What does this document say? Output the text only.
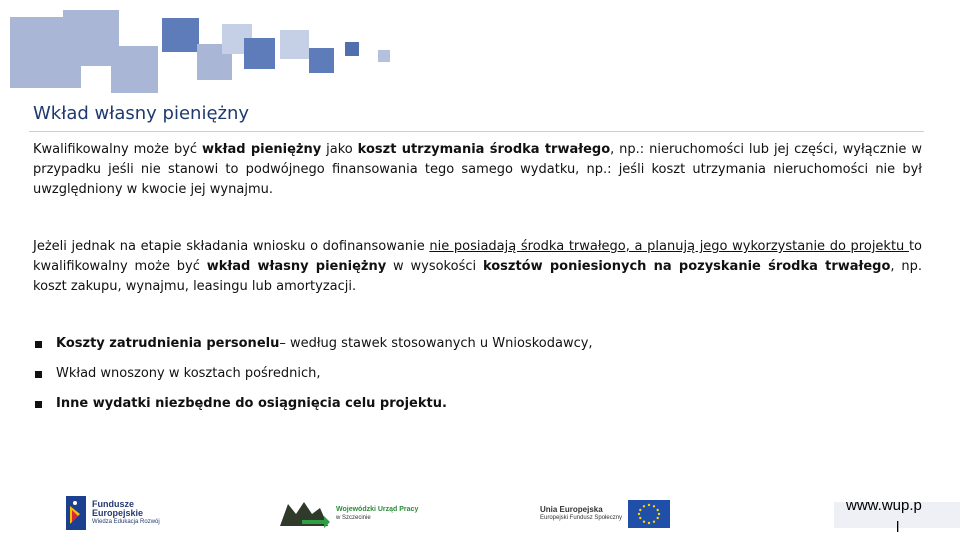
Wkład własny pieniężny
Kwalifikowalny może być wkład pieniężny jako koszt utrzymania środka trwałego, np.: nieruchomości lub jej części, wyłącznie w przypadku jeśli nie stanowi to podwójnego finansowania tego samego wydatku, np.: jeśli koszt utrzymania nieruchomości nie był uwzględniony w kwocie jej wynajmu.
Jeżeli jednak na etapie składania wniosku o dofinansowanie nie posiadają środka trwałego, a planują jego wykorzystanie do projektu to kwalifikowalny może być wkład własny pieniężny w wysokości kosztów poniesionych na pozyskanie środka trwałego, np. koszt zakupu, wynajmu, leasingu lub amortyzacji.
Koszty zatrudnienia personelu – według stawek stosowanych u Wnioskodawcy,
Wkład wnoszony w kosztach pośrednich,
Inne wydatki niezbędne do osiągnięcia celu projektu.
Fundusze
Europejskie
Wiedza Edukacja Rozwój
Wojewódzki Urząd Pracy
w Szczecinie
Unia Europejska
Europejski Fundusz Społeczny
www.wup.p
l
